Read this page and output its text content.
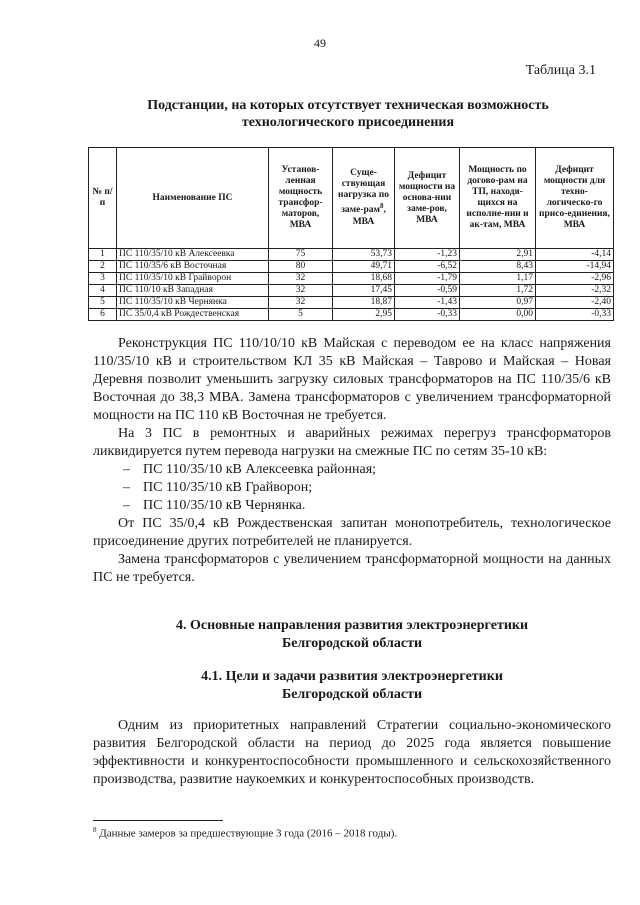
49
Таблица 3.1
Подстанции, на которых отсутствует техническая возможность
технологического присоединения
№ п/п	Наименование ПС	Установ-ленная мощность трансфор-маторов, МВА	Суще-ствующая нагрузка по заме-рам$^8$, МВА	Дефицит мощности на основа-нии заме-ров, МВА	Мощность по догово-рам на ТП, находя-щихся на исполне-нии и ак-там, МВА	Дефицит мощности для техно-логическо-го присо-единения, МВА
1	ПС 110/35/10 кВ Алексеевка	75	53,73	-1,23	2,91	-4,14
2	ПС 110/35/6 кВ Восточная	80	49,71	-6,52	8,43	-14,94
3	ПС 110/35/10 кВ Грайворон	32	18,68	-1,79	1,17	-2,96
4	ПС 110/10 кВ Западная	32	17,45	-0,59	1,72	-2,32
5	ПС 110/35/10 кВ Чернянка	32	18,87	-1,43	0,97	-2,40
6	ПС 35/0,4 кВ Рождественская	5	2,95	-0,33	0,00	-0,33

Реконструкция ПС 110/10/10 кВ Майская с переводом ее на класс напряжения 110/35/10 кВ и строительством КЛ 35 кВ Майская – Таврово и Майская – Новая Деревня позволит уменьшить загрузку силовых трансформаторов на ПС 110/35/6 кВ Восточная до 38,3 МВА. Замена трансформаторов с увеличением трансформаторной мощности на ПС 110 кВ Восточная не требуется.

На 3 ПС в ремонтных и аварийных режимах перегруз трансформаторов ликвидируется путем перевода нагрузки на смежные ПС по сетям 35-10 кВ:

– ПС 110/35/10 кВ Алексеевка районная;
– ПС 110/35/10 кВ Грайворон;
– ПС 110/35/10 кВ Чернянка.

От ПС 35/0,4 кВ Рождественская запитан монопотребитель, технологическое присоединение других потребителей не планируется.

Замена трансформаторов с увеличением трансформаторной мощности на данных ПС не требуется.

4. Основные направления развития электроэнергетики
Белгородской области
4.1. Цели и задачи развития электроэнергетики
Белгородской области

Одним из приоритетных направлений Стратегии социально-экономического развития Белгородской области на период до 2025 года является повышение эффективности и конкурентоспособности промышленного и сельскохозяйственного производства, развитие наукоемких и конкурентоспособных производств.

$^8$ Данные замеров за предшествующие 3 года (2016 – 2018 годы).
